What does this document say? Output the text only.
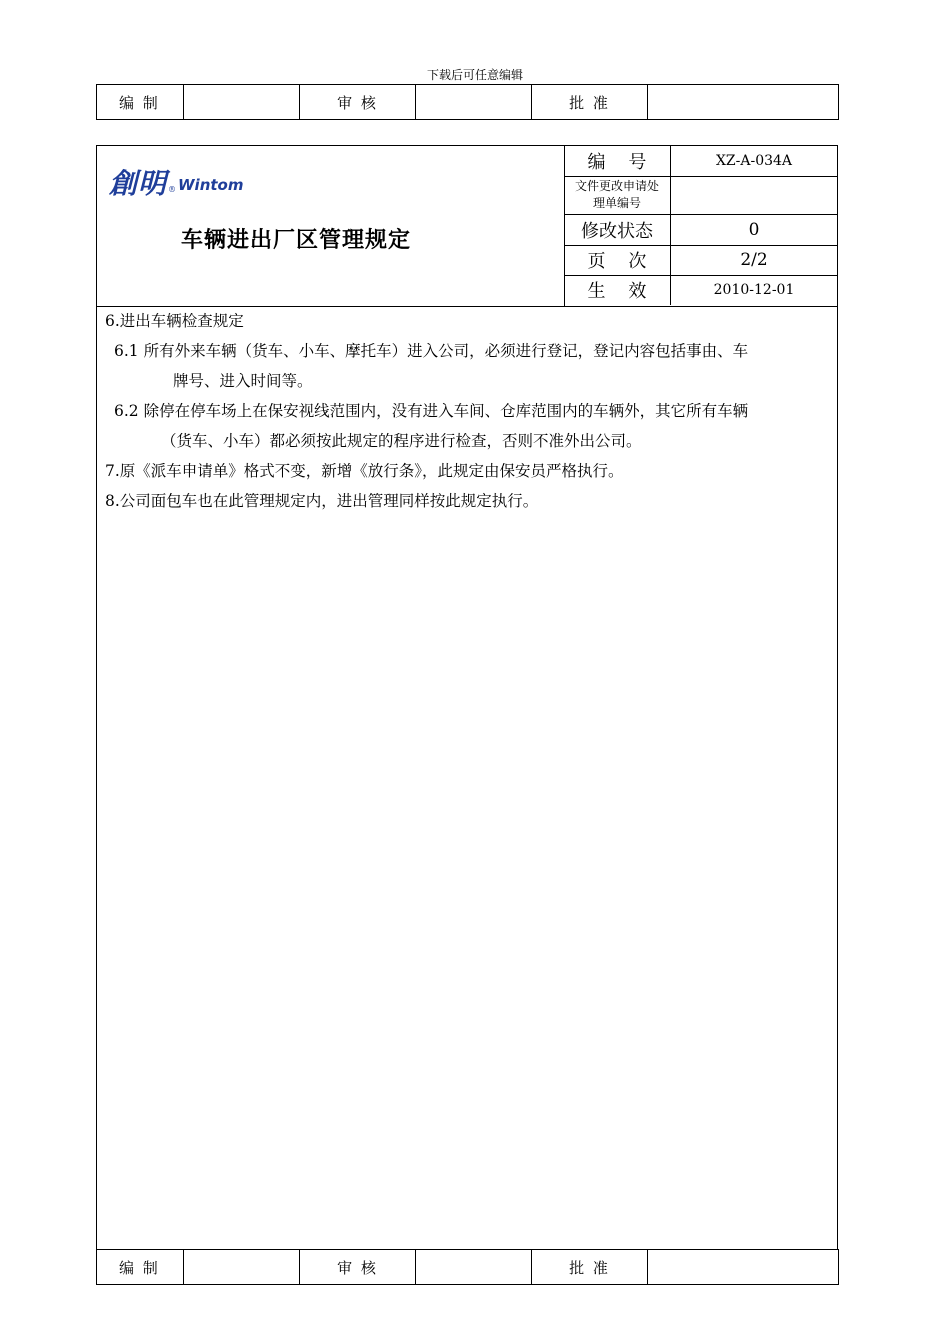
下载后可任意编辑
编 制		审 核		批 准	
創明 ® Wintom
车辆进出厂区管理规定
编    号	XZ-A-034A
文件更改申请处理单编号	
修改状态	0
页    次	2/2
生    效	2010-12-01

6.进出车辆检查规定

6.1 所有外来车辆（货车、小车、摩托车）进入公司，必须进行登记，登记内容包括事由、车

牌号、进入时间等。

6.2 除停在停车场上在保安视线范围内，没有进入车间、仓库范围内的车辆外，其它所有车辆

（货车、小车）都必须按此规定的程序进行检查，否则不准外出公司。

7.原《派车申请单》格式不变，新增《放行条》，此规定由保安员严格执行。

8.公司面包车也在此管理规定内，进出管理同样按此规定执行。

编 制		审 核		批 准	
